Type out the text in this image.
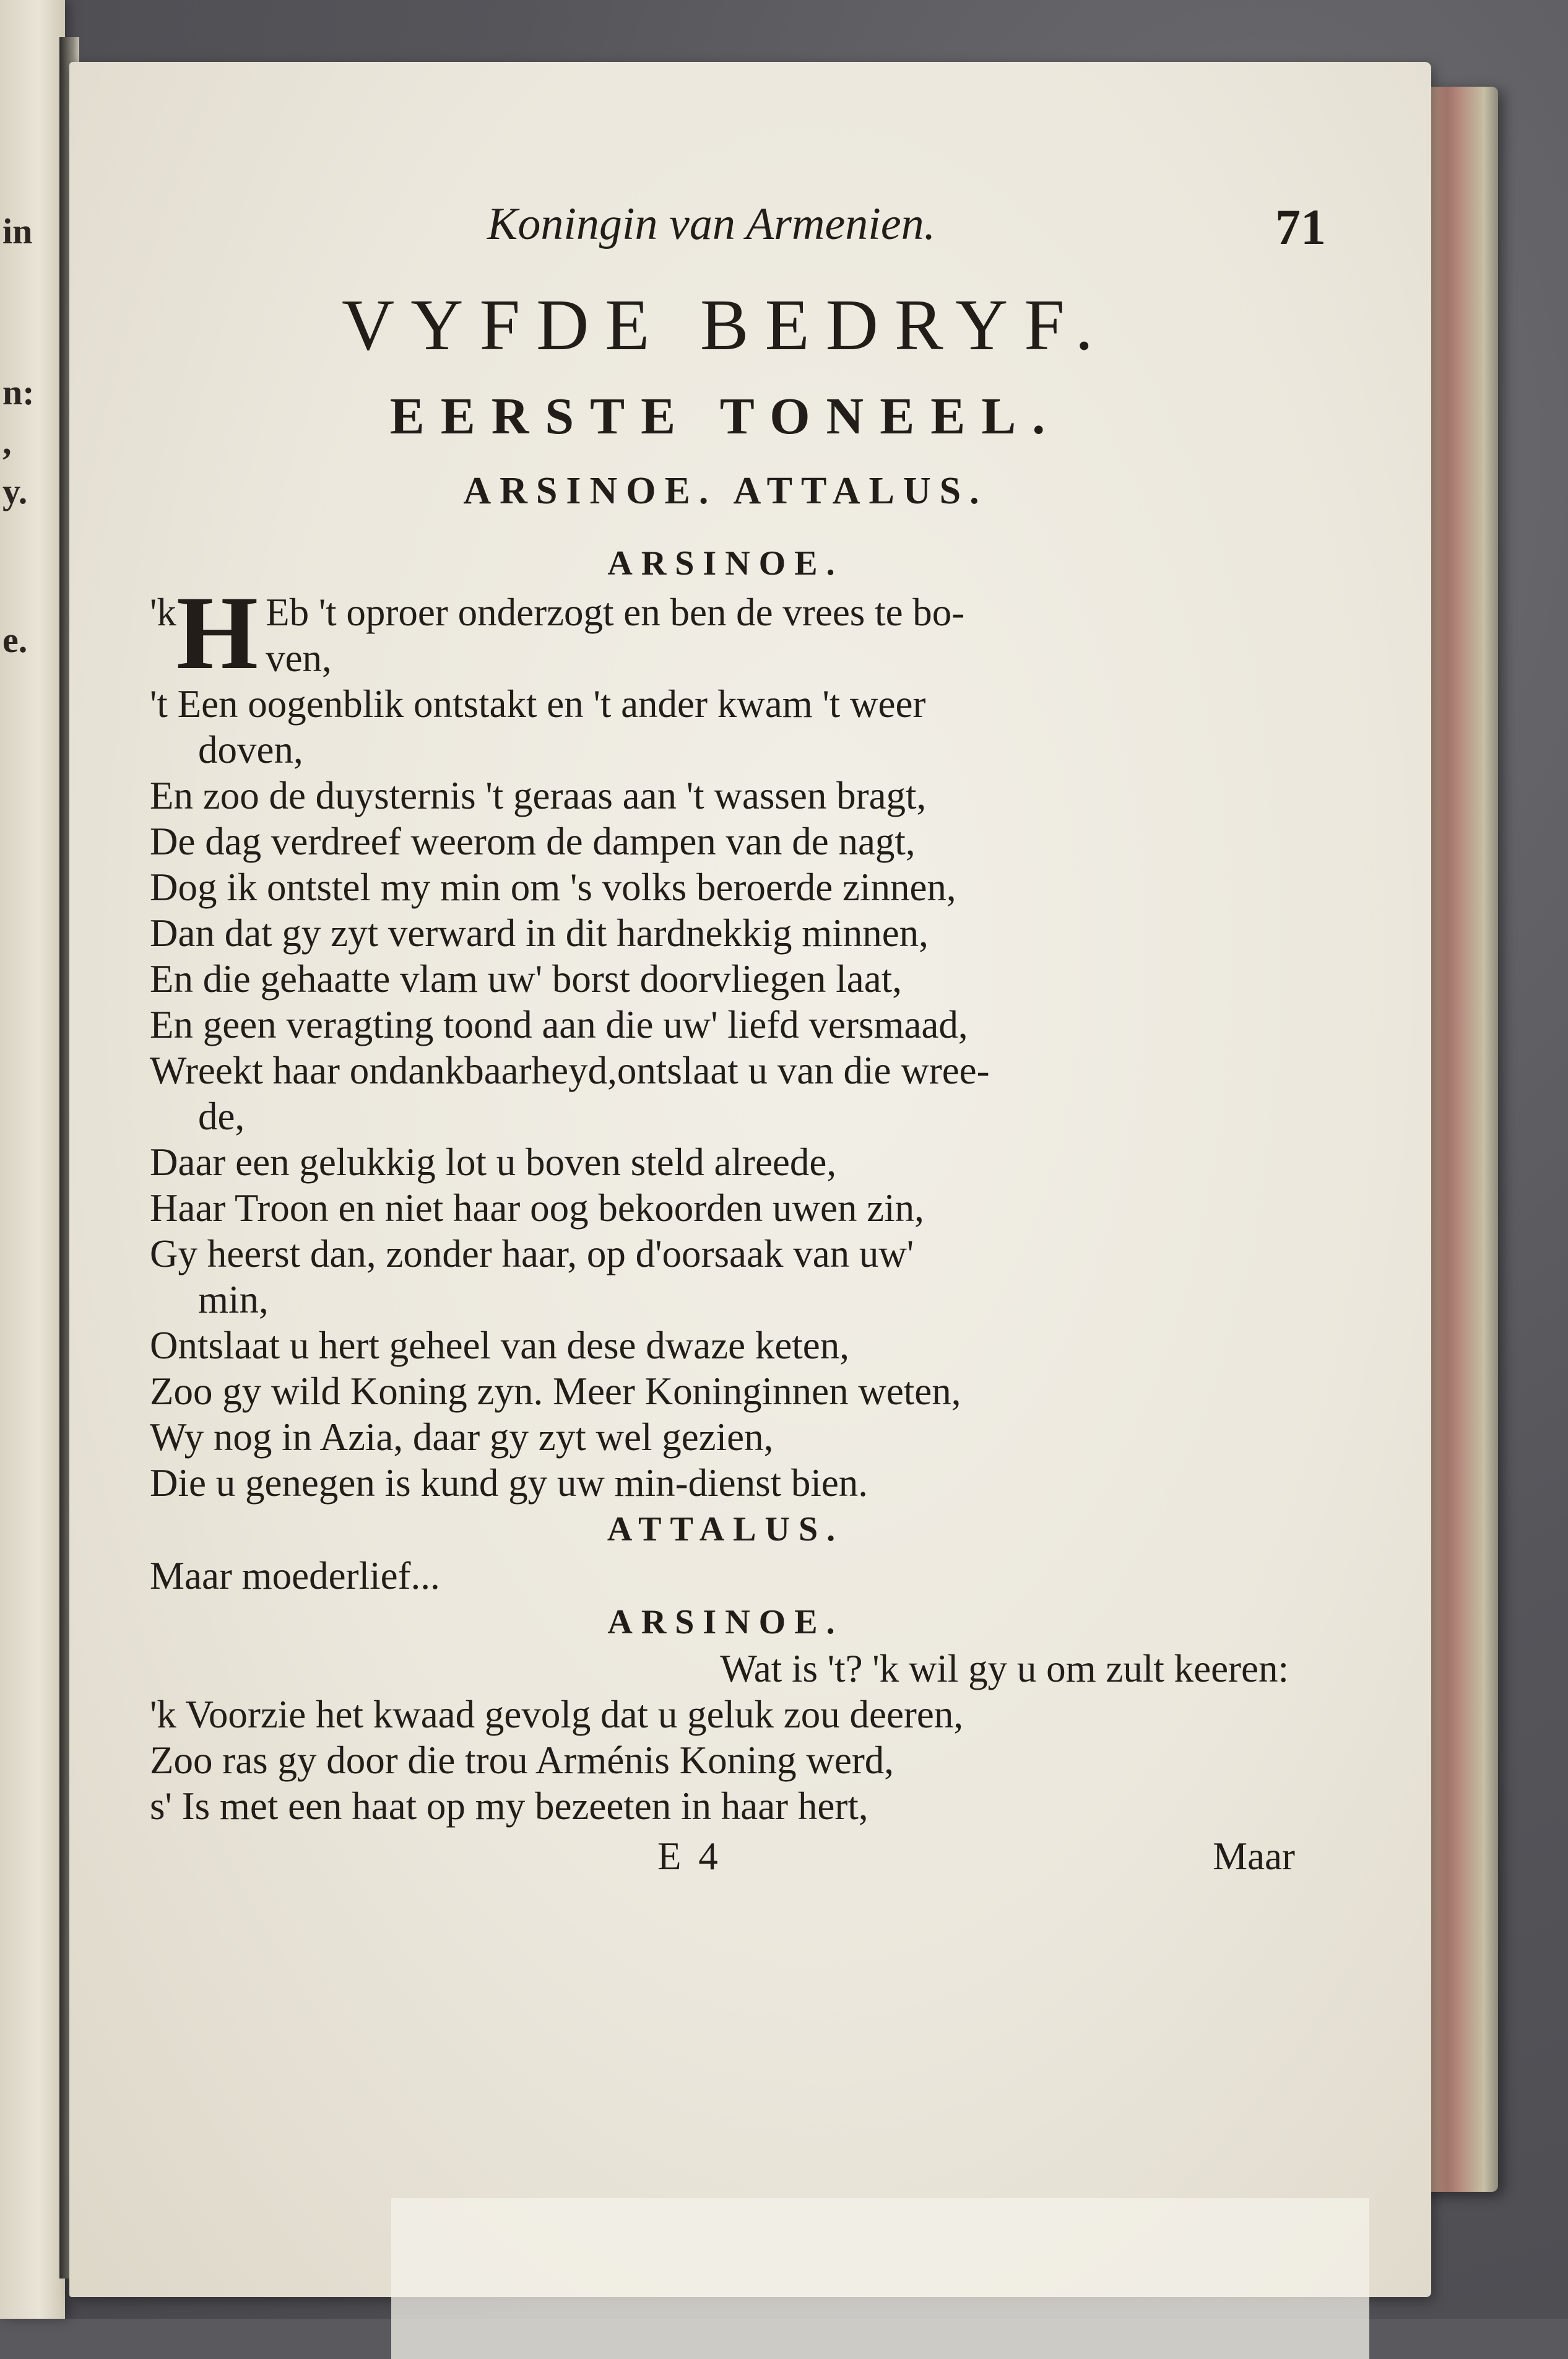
in
n:
,
y.
e.
Koningin van Armenien.	71
VYFDE BEDRYF.
EERSTE TONEEL.
ARSINOE. ATTALUS.
ARSINOE.
'k H Eb 't oproer onderzogt en ben de vrees te bo-
ven,
't Een oogenblik ontstakt en 't ander kwam 't weer
doven,
En zoo de duysternis 't geraas aan 't wassen bragt,
De dag verdreef weerom de dampen van de nagt,
Dog ik ontstel my min om 's volks beroerde zinnen,
Dan dat gy zyt verward in dit hardnekkig minnen,
En die gehaatte vlam uw' borst doorvliegen laat,
En geen veragting toond aan die uw' liefd versmaad,
Wreekt haar ondankbaarheyd,ontslaat u van die wree-
de,
Daar een gelukkig lot u boven steld alreede,
Haar Troon en niet haar oog bekoorden uwen zin,
Gy heerst dan, zonder haar, op d'oorsaak van uw'
min,
Ontslaat u hert geheel van dese dwaze keten,
Zoo gy wild Koning zyn. Meer Koninginnen weten,
Wy nog in Azia, daar gy zyt wel gezien,
Die u genegen is kund gy uw min-dienst bien.
ATTALUS.
Maar moederlief...
ARSINOE.
Wat is 't? 'k wil gy u om zult keeren:
'k Voorzie het kwaad gevolg dat u geluk zou deeren,
Zoo ras gy door die trou Arménis Koning werd,
s' Is met een haat op my bezeeten in haar hert,
E 4	Maar
